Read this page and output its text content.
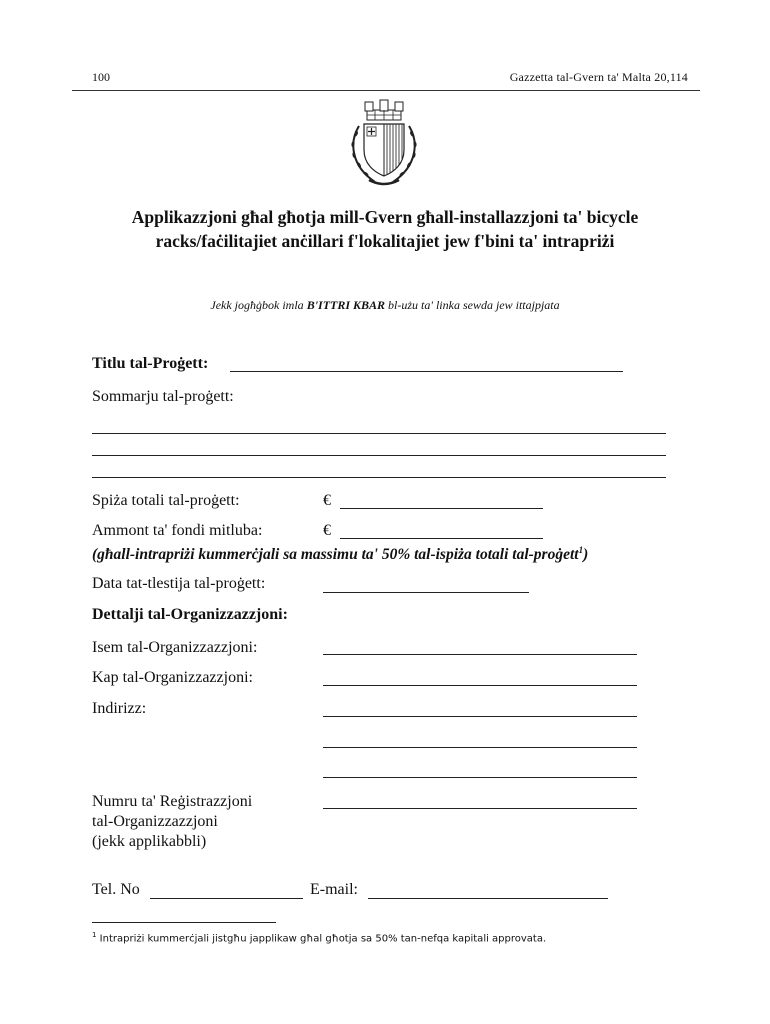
100	Gazzetta tal-Gvern ta' Malta 20,114
Applikazzjoni għal għotja mill-Gvern għall-installazzjoni ta' bicycle racks/faċilitajiet anċillari f'lokalitajiet jew f'bini ta' intrapriżi
Jekk jogħġbok imla B'ITTRI KBAR bl-użu ta' linka sewda jew ittajpjata
Titlu tal-Proġett:
Sommarju tal-proġett:
Spiża totali tal-proġett:	€
Ammont ta' fondi mitluba:	€
(għall-intrapriżi kummerċjali sa massimu ta' 50% tal-ispiża totali tal-proġett$^1$)
Data tat-tlestija tal-proġett:
Dettalji tal-Organizzazzjoni:
Isem tal-Organizzazzjoni:
Kap tal-Organizzazzjoni:
Indirizz:
Numru ta' Reġistrazzjoni
tal-Organizzazzjoni
(jekk applikabbli)
Tel. No	E-mail:
$^1$ Intrapriżi kummerċjali jistgħu japplikaw għal għotja sa 50% tan-nefqa kapitali approvata.
